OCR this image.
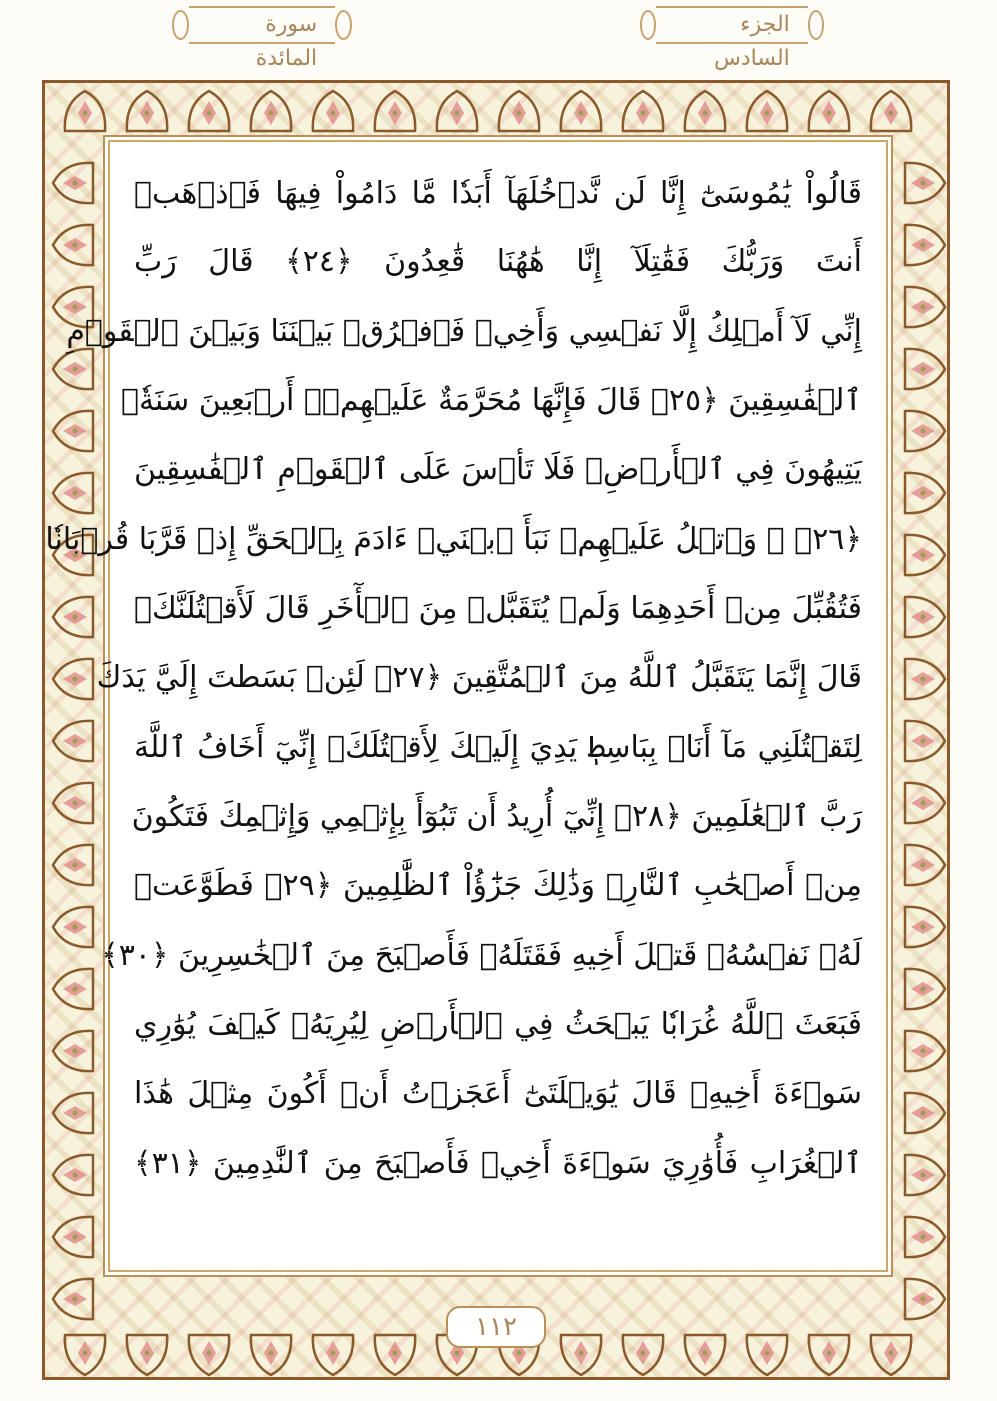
سورة المائدة
الجزء السادس
قَالُواْ يَٰمُوسَىٰٓ إِنَّا لَن نَّدۡخُلَهَآ أَبَدٗا مَّا دَامُواْ فِيهَا فَٱذۡهَبۡ
أَنتَ وَرَبُّكَ فَقَٰتِلَآ إِنَّا هَٰهُنَا قَٰعِدُونَ ﴿٢٤﴾ قَالَ رَبِّ
إِنِّي لَآ أَمۡلِكُ إِلَّا نَفۡسِي وَأَخِيۖ فَٱفۡرُقۡ بَيۡنَنَا وَبَيۡنَ ٱلۡقَوۡمِ
ٱلۡفَٰسِقِينَ ﴿٢٥﴾ قَالَ فَإِنَّهَا مُحَرَّمَةٌ عَلَيۡهِمۡۛ أَرۡبَعِينَ سَنَةٗۛ
يَتِيهُونَ فِي ٱلۡأَرۡضِۚ فَلَا تَأۡسَ عَلَى ٱلۡقَوۡمِ ٱلۡفَٰسِقِينَ
﴿٢٦﴾ ۞ وَٱتۡلُ عَلَيۡهِمۡ نَبَأَ ٱبۡنَيۡ ءَادَمَ بِٱلۡحَقِّ إِذۡ قَرَّبَا قُرۡبَانٗا
فَتُقُبِّلَ مِنۡ أَحَدِهِمَا وَلَمۡ يُتَقَبَّلۡ مِنَ ٱلۡأٓخَرِ قَالَ لَأَقۡتُلَنَّكَۖ
قَالَ إِنَّمَا يَتَقَبَّلُ ٱللَّهُ مِنَ ٱلۡمُتَّقِينَ ﴿٢٧﴾ لَئِنۢ بَسَطتَ إِلَيَّ يَدَكَ
لِتَقۡتُلَنِي مَآ أَنَا۠ بِبَاسِطٖ يَدِيَ إِلَيۡكَ لِأَقۡتُلَكَۖ إِنِّيٓ أَخَافُ ٱللَّهَ
رَبَّ ٱلۡعَٰلَمِينَ ﴿٢٨﴾ إِنِّيٓ أُرِيدُ أَن تَبُوٓأَ بِإِثۡمِي وَإِثۡمِكَ فَتَكُونَ
مِنۡ أَصۡحَٰبِ ٱلنَّارِۚ وَذَٰلِكَ جَزَٰٓؤُاْ ٱلظَّٰلِمِينَ ﴿٢٩﴾ فَطَوَّعَتۡ
لَهُۥ نَفۡسُهُۥ قَتۡلَ أَخِيهِ فَقَتَلَهُۥ فَأَصۡبَحَ مِنَ ٱلۡخَٰسِرِينَ ﴿٣٠﴾
فَبَعَثَ ٱللَّهُ غُرَابٗا يَبۡحَثُ فِي ٱلۡأَرۡضِ لِيُرِيَهُۥ كَيۡفَ يُوَٰرِي
سَوۡءَةَ أَخِيهِۚ قَالَ يَٰوَيۡلَتَىٰٓ أَعَجَزۡتُ أَنۡ أَكُونَ مِثۡلَ هَٰذَا
ٱلۡغُرَابِ فَأُوَٰرِيَ سَوۡءَةَ أَخِيۖ فَأَصۡبَحَ مِنَ ٱلنَّٰدِمِينَ ﴿٣١﴾
١١٢
